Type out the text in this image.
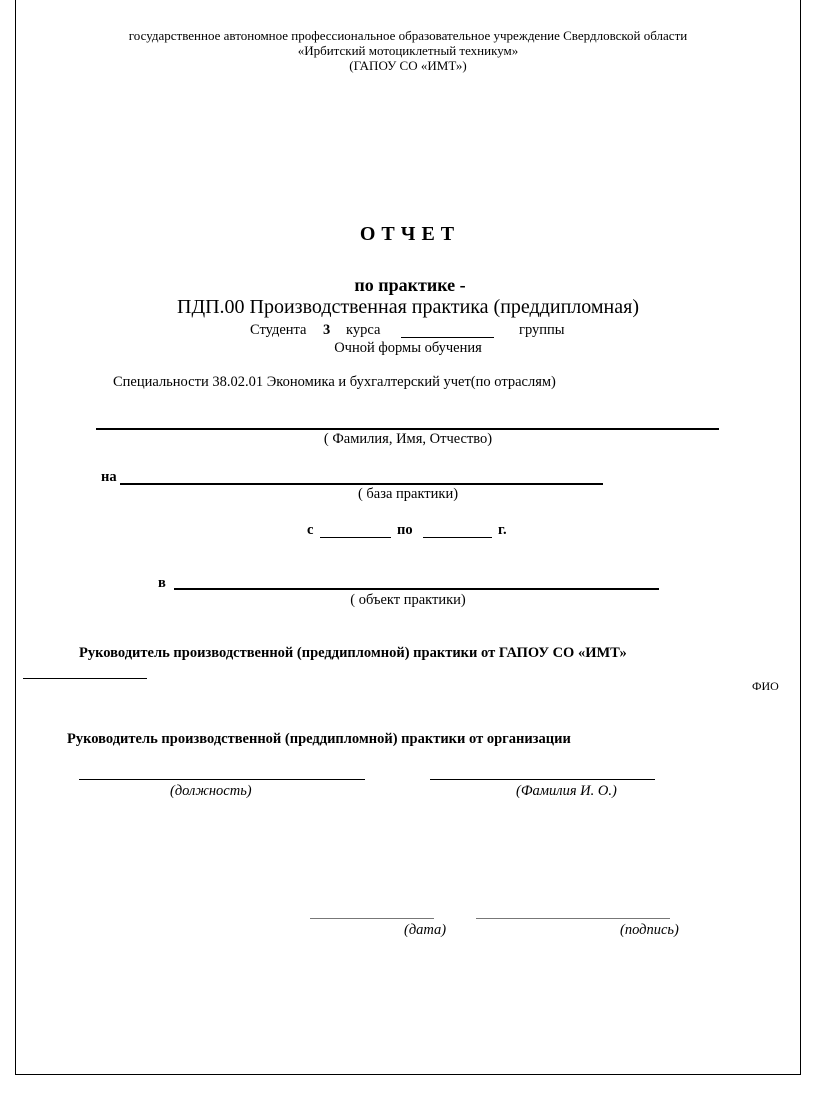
государственное автономное профессиональное образовательное учреждение Свердловской области
«Ирбитский мотоциклетный техникум»
(ГАПОУ СО «ИМТ»)
ОТЧЕТ
по практике -
ПДП.00 Производственная практика (преддипломная)
Студента 3 курса	группы
Очной формы обучения
Специальности 38.02.01 Экономика и бухгалтерский учет(по отраслям)
( Фамилия, Имя, Отчество)
на
( база практики)
с	по	г.
в
( объект практики)
Руководитель производственной (преддипломной) практики от ГАПОУ СО «ИМТ»
ФИО
Руководитель производственной (преддипломной) практики от организации
(должность)	(Фамилия И. О.)
(дата)	(подпись)
